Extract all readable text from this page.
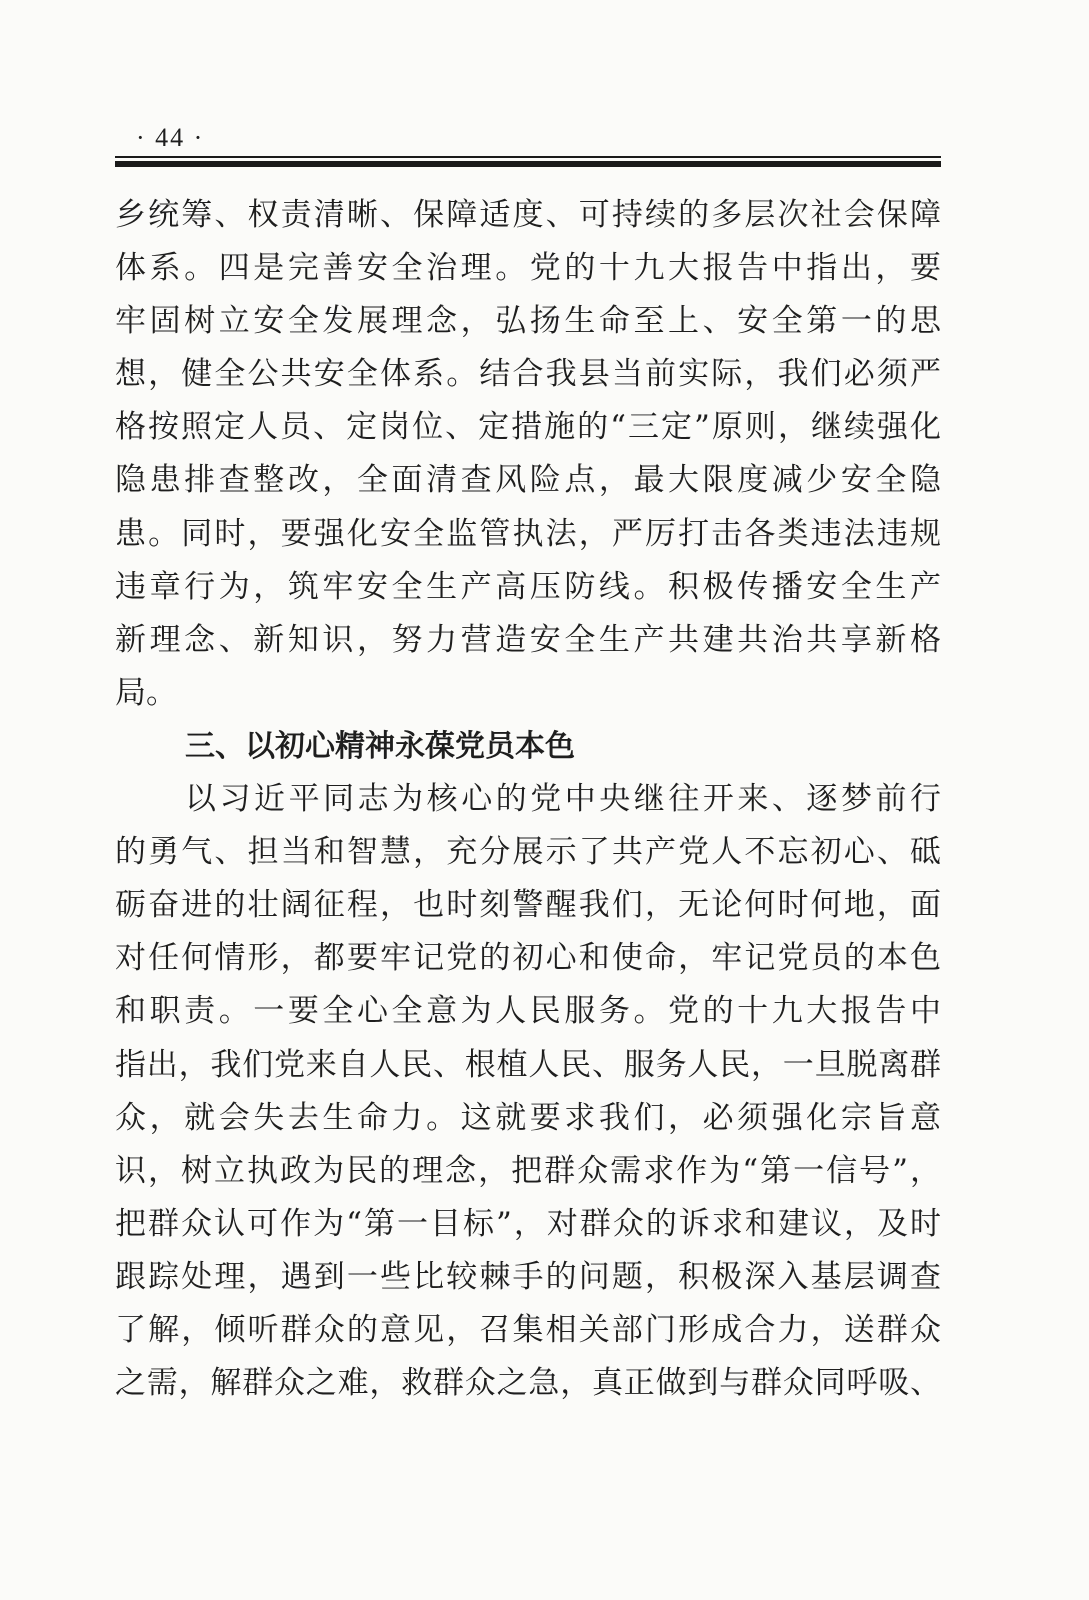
· 44 ·
乡统筹、权责清晰、保障适度、可持续的多层次社会保障
体系。四是完善安全治理。党的十九大报告中指出，要
牢固树立安全发展理念，弘扬生命至上、安全第一的思
想，健全公共安全体系。结合我县当前实际，我们必须严
格按照定人员、定岗位、定措施的“三定”原则，继续强化
隐患排查整改，全面清查风险点，最大限度减少安全隐
患。同时，要强化安全监管执法，严厉打击各类违法违规
违章行为，筑牢安全生产高压防线。积极传播安全生产
新理念、新知识，努力营造安全生产共建共治共享新格
局。
三、以初心精神永葆党员本色
以习近平同志为核心的党中央继往开来、逐梦前行
的勇气、担当和智慧，充分展示了共产党人不忘初心、砥
砺奋进的壮阔征程，也时刻警醒我们，无论何时何地，面
对任何情形，都要牢记党的初心和使命，牢记党员的本色
和职责。一要全心全意为人民服务。党的十九大报告中
指出，我们党来自人民、根植人民、服务人民，一旦脱离群
众，就会失去生命力。这就要求我们，必须强化宗旨意
识，树立执政为民的理念，把群众需求作为“第一信号”，
把群众认可作为“第一目标”，对群众的诉求和建议，及时
跟踪处理，遇到一些比较棘手的问题，积极深入基层调查
了解，倾听群众的意见，召集相关部门形成合力，送群众
之需，解群众之难，救群众之急，真正做到与群众同呼吸、
